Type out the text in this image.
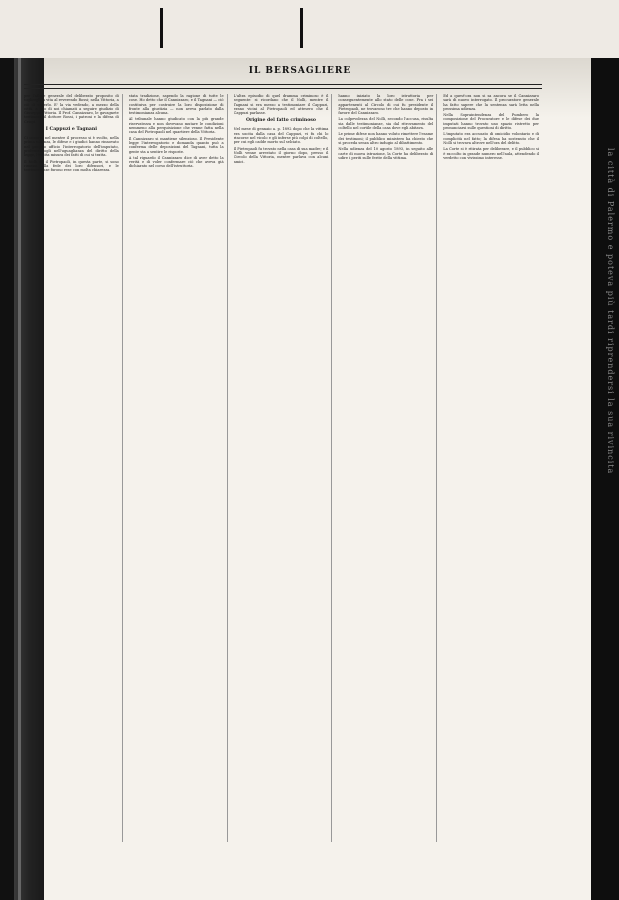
la città di Palermo e poteva più tardi riprendersi la sua rivincita
IL BERSAGLIERE

per l'allure generale del deliberato proposito di togliergli la vita al reverendo Rossi; nella Vittoria, a ciò di vederlo. E' la via vedendo, a mezzo della città, a uno di noi chiamati a seguire giudizio di Giuseppe Vittoria. Il Prof. Cannizzaro, le gavagnete testimoni, il dottore Rossi, i patroni e la difesa di Crispi.

I Cappuzi e Tagnani

Ci occorse nel mentre il processo si è svolto, nella prima udienza, le difese e i giudici hanno rinnovato nel proprio ufficio l'interrogatorio dell'imputato, professandogli nell'uguaglianza del diritto della legge, l'esatta misura dei fatti di cui si tratta.

Il Nolli ed il Pietropaoli, in questa parte, si sono rimessi alla fede dei loro difensori, e le testimonianze furono rese con molta chiarezza.

stata tradizione, sapendo la ragione di tutte le cose. Ho detto che il Cannizzaro, e il Tagnani — ciò costituiva per costruire la loro disposizione di fronte alla giustizia — non aveva parlato dalla testimonianza alcuna.

Al tribunale hanno giudicato con la più grande riservatezza e non dovevano mutare le condizioni nemmeno alla perquisizione che venne fatta nella casa del Pietropaoli nel quartiere della Vittoria.

Il Cannizzaro si mantiene silenzioso. Il Presidente legge l'interrogatorio e domanda quanto può a conferma delle deposizioni del Tagnani, tutta la gente sta a sentire le risposte.

A tal riguardo il Cannizzaro dice di aver detto la verità e di voler confermare ciò che aveva già dichiarato nel corso dell'istruttoria.

L'altra episodio di quel dramma criminoso è il seguente: si ricordano che il Nolli, mentre il Tagnani si era messo a testimoniare il Cappuzi, erano vicini al Pietropaoli ed attesero che il Cappuzi parlasse.

Origine del fatto criminoso

Nel mese di gennaio a. p. 1892 dopo che la vittima era uscita dalla casa del Cappuzi, vi fu chi lo rincorse nel vicolo e gli inferse più colpi di coltello, per cui egli cadde morto sul selciato.

Il Pietropaoli fu trovato nella casa di sua madre; e il Nolli venne arrestato il giorno dopo, presso il Circolo della Vittoria, mentre parlava con alcuni amici.

hanno iniziato la loro istruttoria per conseguentemente allo stato delle cose. Fra i sei appartenenti al Circolo di cui fu presidente il Pietropaoli, ne trovarono tre che hanno deposto in favore del Cannizzaro.

La colpevolezza del Nolli, secondo l'accusa, risulta sia dalle testimonianze, sia dal ritrovamento del coltello nel cortile della casa dove egli abitava.

Le prime difese non hanno voluto rimettere l'esame dei testimoni; il pubblico ministero ha chiesto che si proceda senza altro indugio al dibattimento.

Nella udienza del 10 agosto 1893, in seguito alle carte di nuova istruzione, la Corte ha deliberato di udire i periti sulle ferite della vittima.

Ed a quest'ora non si sa ancora se il Cannizzaro sarà di nuovo interrogato. Il procuratore generale ha fatto sapere che la sentenza sarà letta nella prossima udienza.

Nella Sopraintendenza del Pumbero la composizione del Procuratore e le difese dei due imputati hanno trovato uno spazio ristretto per pronunciarsi sulle questioni di diritto.

L'imputato era accusato di omicidio volontario e di complicità nel fatto; la difesa ha sostenuto che il Nolli si trovava altrove nell'ora del delitto.

La Corte si è ritirata per deliberare, e il pubblico si è raccolto in grande numero nell'aula, attendendo il verdetto con vivissimo interesse.
